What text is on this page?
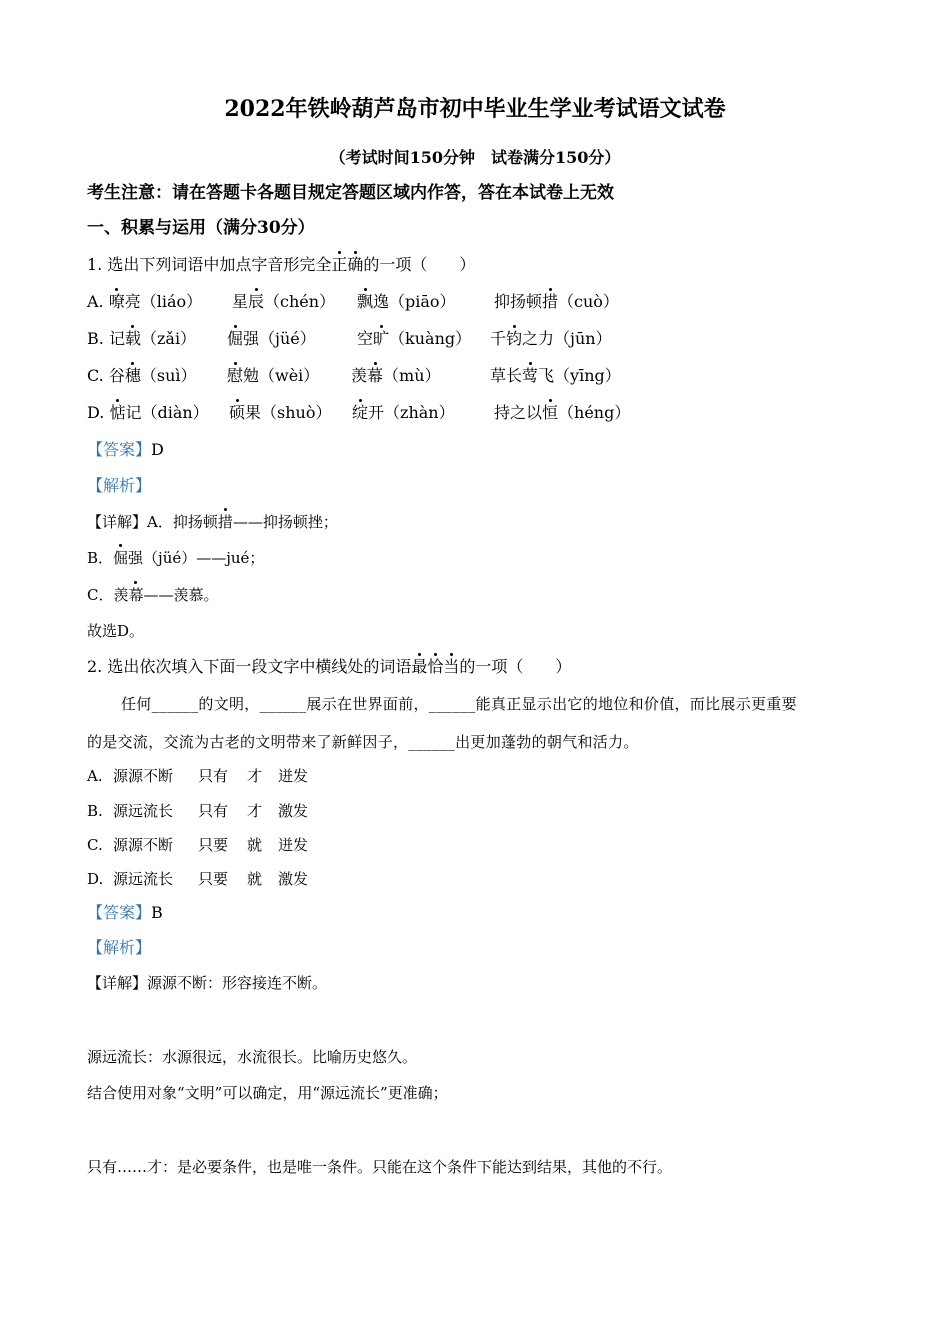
2022年铁岭葫芦岛市初中毕业生学业考试语文试卷
（考试时间150分钟　试卷满分150分）
考生注意：请在答题卡各题目规定答题区域内作答，答在本试卷上无效
一、积累与运用（满分30分）
1. 选出下列词语中加点字音形完全正确的一项（　　）
A. 嘹亮（liáo） 星辰（chén） 飘逸（piāo） 抑扬顿措（cuò）
B. 记载（zǎi） 倔强（jüé）	空旷（kuàng） 千钧之力（jūn）
C. 谷穗（suì） 慰勉（wèi） 羡幕（mù）	草长莺飞（yīng）
D. 惦记（diàn） 硕果（shuò） 绽开（zhàn） 持之以恒（héng）
【答案】D
【解析】
【详解】A．抑扬顿措——抑扬顿挫；
B．倔强（jüé）——jué；
C．羡幕——羡慕。
故选D。
2. 选出依次填入下面一段文字中横线处的词语最恰当的一项（　　）
任何______的文明，______展示在世界面前，______能真正显示出它的地位和价值，而比展示更重要
的是交流，交流为古老的文明带来了新鲜因子，______出更加蓬勃的朝气和活力。
A. 源源不断 只有 才 迸发
B. 源远流长 只有 才 激发
C. 源源不断 只要 就 迸发
D. 源远流长 只要 就 激发
【答案】B
【解析】
【详解】源源不断：形容接连不断。
源远流长：水源很远，水流很长。比喻历史悠久。
结合使用对象“文明”可以确定，用“源远流长”更准确；
只有……才：是必要条件，也是唯一条件。只能在这个条件下能达到结果，其他的不行。
